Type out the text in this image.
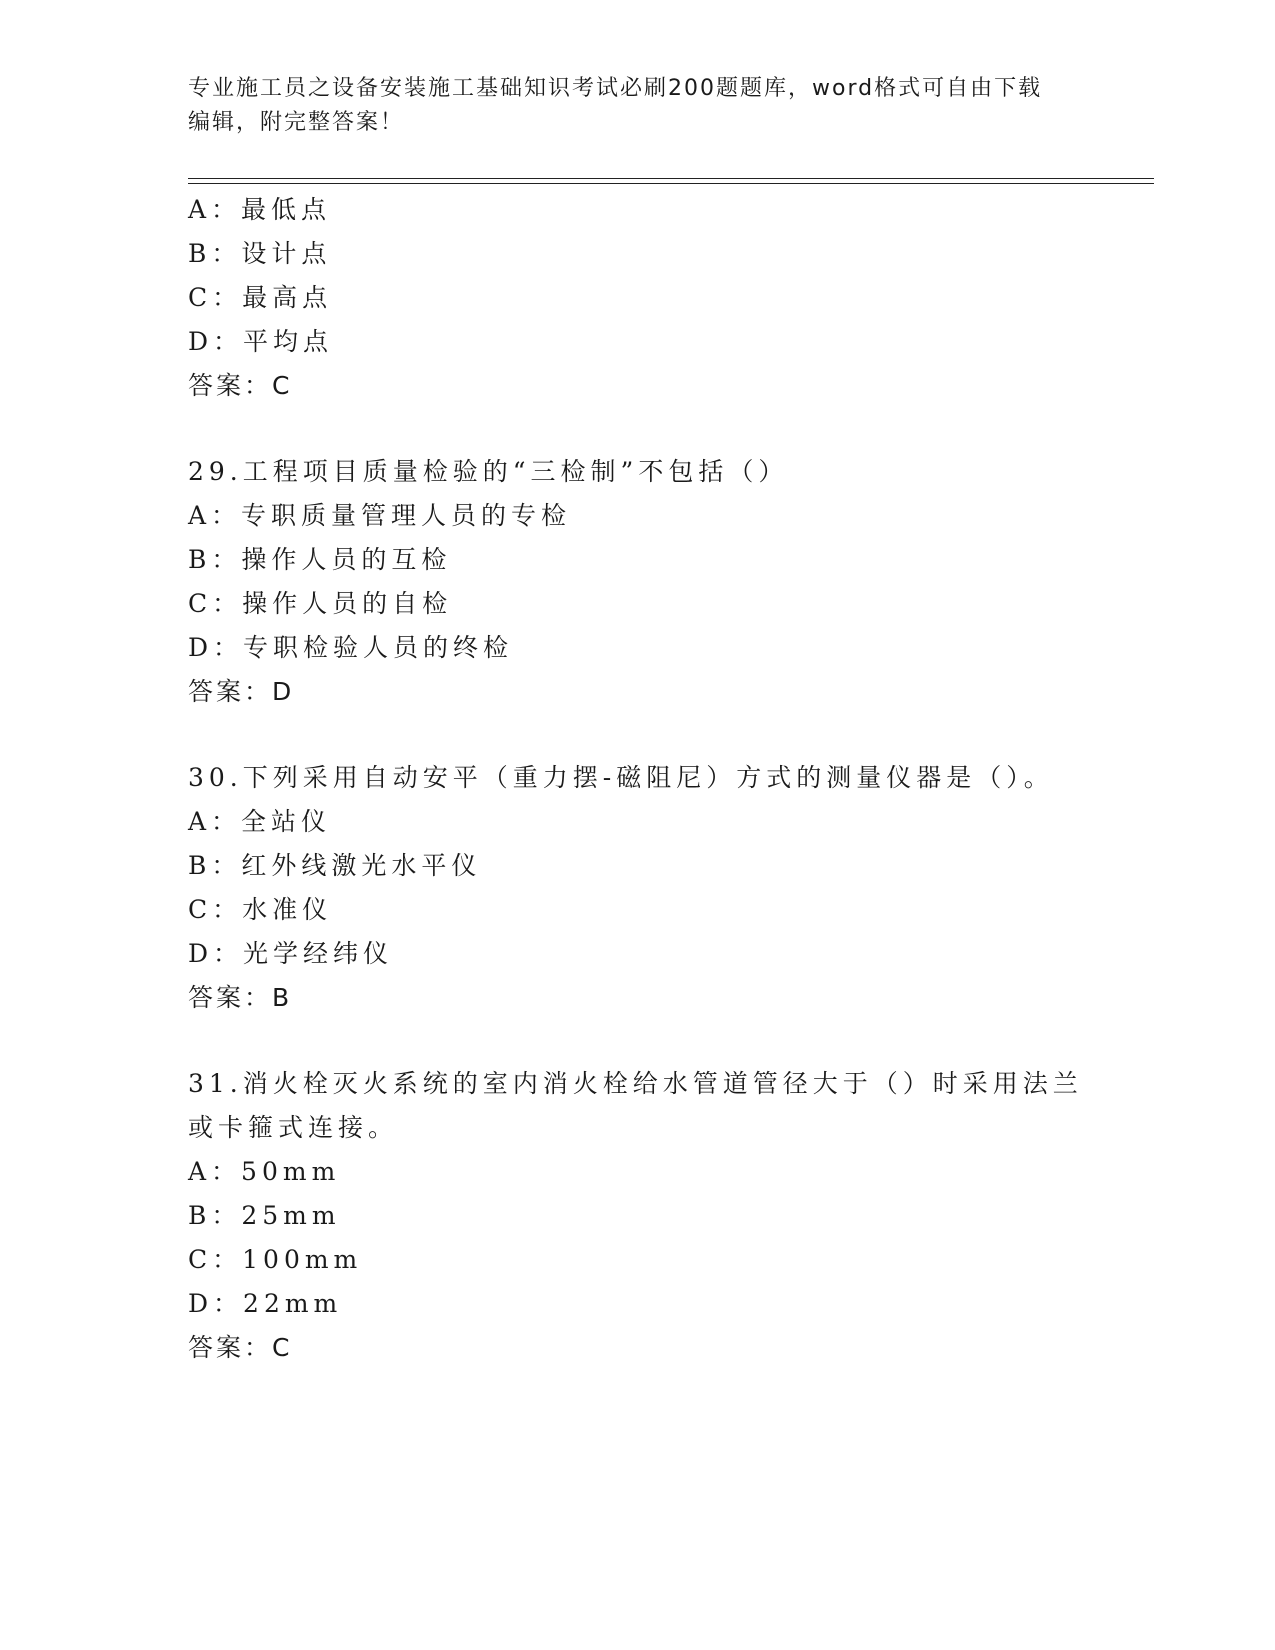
专业施工员之设备安装施工基础知识考试必刷200题题库，word格式可自由下载
编辑，附完整答案！
A：最低点
B：设计点
C：最高点
D：平均点
答案：C
29.工程项目质量检验的“三检制”不包括（）
A：专职质量管理人员的专检
B：操作人员的互检
C：操作人员的自检
D：专职检验人员的终检
答案：D
30.下列采用自动安平（重力摆-磁阻尼）方式的测量仪器是（）。
A：全站仪
B：红外线激光水平仪
C：水准仪
D：光学经纬仪
答案：B
31.消火栓灭火系统的室内消火栓给水管道管径大于（）时采用法兰
或卡箍式连接。
A：50mm
B：25mm
C：100mm
D：22mm
答案：C
